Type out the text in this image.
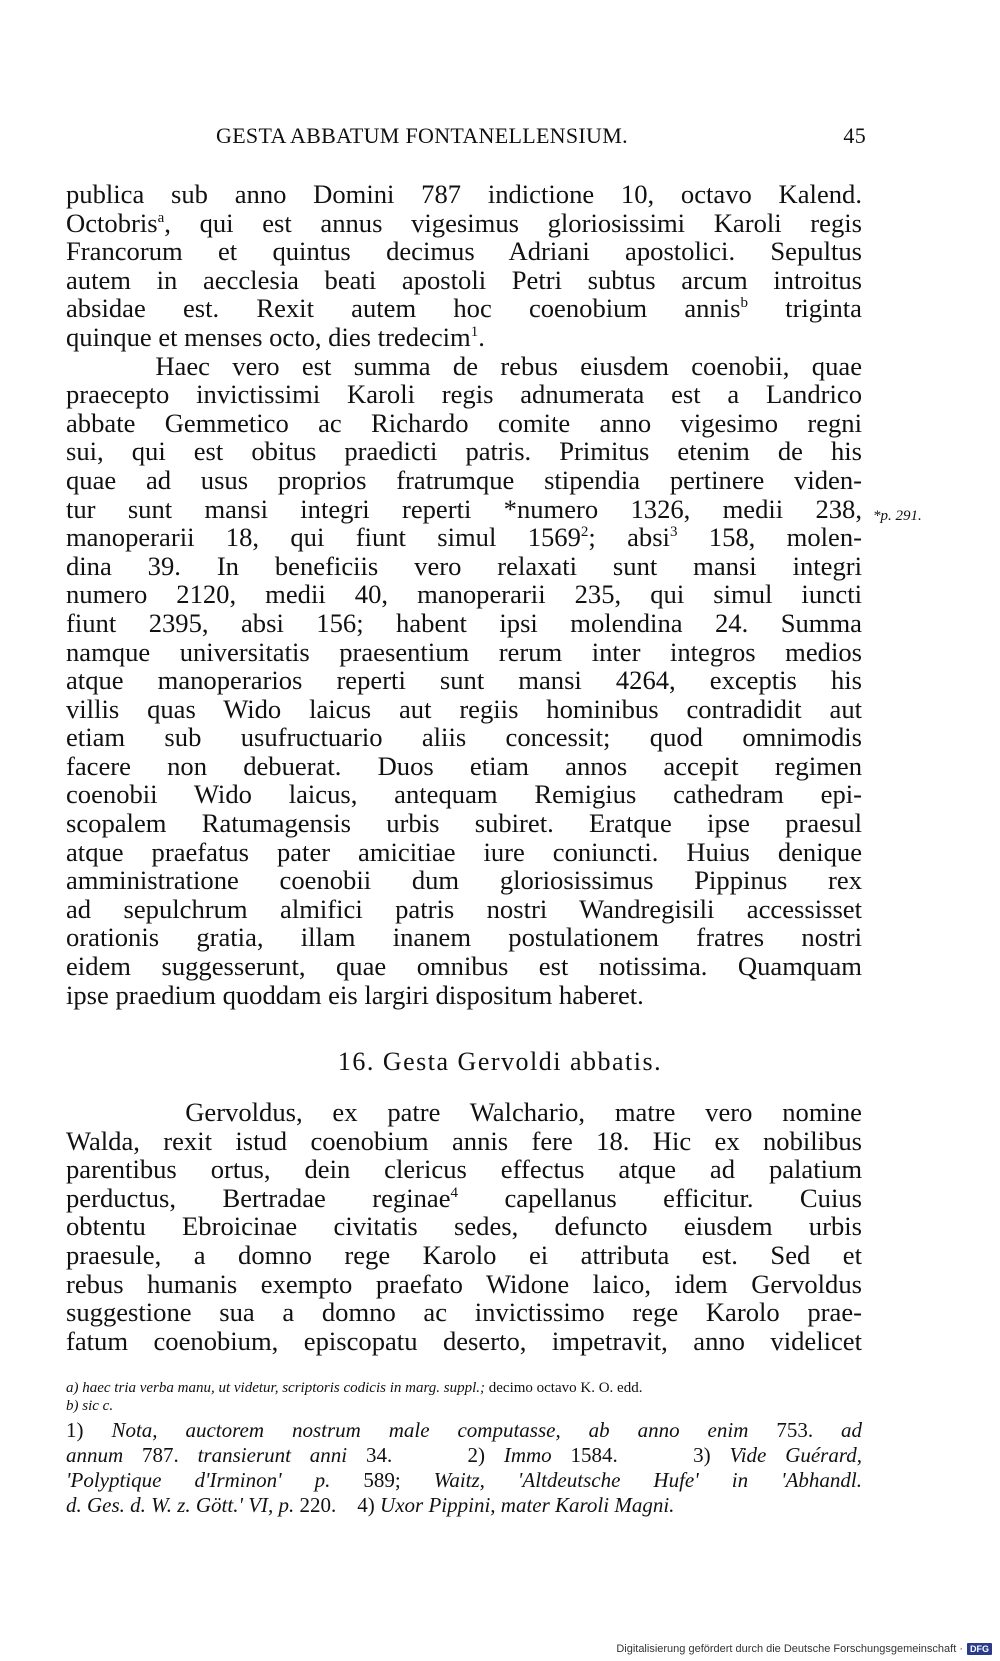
GESTA ABBATUM FONTANELLENSIUM.	45
publica sub anno Domini 787 indictione 10, octavo Kalend.
Octobris$^a$, qui est annus vigesimus gloriosissimi Karoli regis
Francorum et quintus decimus Adriani apostolici. Sepultus
autem in aecclesia beati apostoli Petri subtus arcum introitus
absidae est. Rexit autem hoc coenobium annis$^b$ triginta
quinque et menses octo, dies tredecim$^1$.
Haec vero est summa de rebus eiusdem coenobii, quae
praecepto invictissimi Karoli regis adnumerata est a Landrico
abbate Gemmetico ac Richardo comite anno vigesimo regni
sui, qui est obitus praedicti patris. Primitus etenim de his
quae ad usus proprios fratrumque stipendia pertinere viden-
tur sunt mansi integri reperti *numero 1326, medii 238,
manoperarii 18, qui fiunt simul 1569$^2$; absi$^3$ 158, molen-
dina 39. In beneficiis vero relaxati sunt mansi integri
numero 2120, medii 40, manoperarii 235, qui simul iuncti
fiunt 2395, absi 156; habent ipsi molendina 24. Summa
namque universitatis praesentium rerum inter integros medios
atque manoperarios reperti sunt mansi 4264, exceptis his
villis quas Wido laicus aut regiis hominibus contradidit aut
etiam sub usufructuario aliis concessit; quod omnimodis
facere non debuerat. Duos etiam annos accepit regimen
coenobii Wido laicus, antequam Remigius cathedram epi-
scopalem Ratumagensis urbis subiret. Eratque ipse praesul
atque praefatus pater amicitiae iure coniuncti. Huius denique
amministratione coenobii dum gloriosissimus Pippinus rex
ad sepulchrum almifici patris nostri Wandregisili accessisset
orationis gratia, illam inanem postulationem fratres nostri
eidem suggesserunt, quae omnibus est notissima. Quamquam
ipse praedium quoddam eis largiri dispositum haberet.
*p. 291.
16. Gesta Gervoldi abbatis.
Gervoldus, ex patre Walchario, matre vero nomine
Walda, rexit istud coenobium annis fere 18. Hic ex nobilibus
parentibus ortus, dein clericus effectus atque ad palatium
perductus, Bertradae reginae$^4$ capellanus efficitur. Cuius
obtentu Ebroicinae civitatis sedes, defuncto eiusdem urbis
praesule, a domno rege Karolo ei attributa est. Sed et
rebus humanis exempto praefato Widone laico, idem Gervoldus
suggestione sua a domno ac invictissimo rege Karolo prae-
fatum coenobium, episcopatu deserto, impetravit, anno videlicet
a) haec tria verba manu, ut videtur, scriptoris codicis in marg. suppl.; decimo octavo K. O. edd.
b) sic c.
1) Nota, auctorem nostrum male computasse, ab anno enim 753. ad
annum 787. transierunt anni 34.    2) Immo 1584.    3) Vide Guérard,
'Polyptique d'Irminon' p. 589; Waitz, 'Altdeutsche Hufe' in 'Abhandl.
d. Ges. d. W. z. Gött.' VI, p. 220.    4) Uxor Pippini, mater Karoli Magni.
Digitalisierung gefördert durch die Deutsche Forschungsgemeinschaft · DFG
